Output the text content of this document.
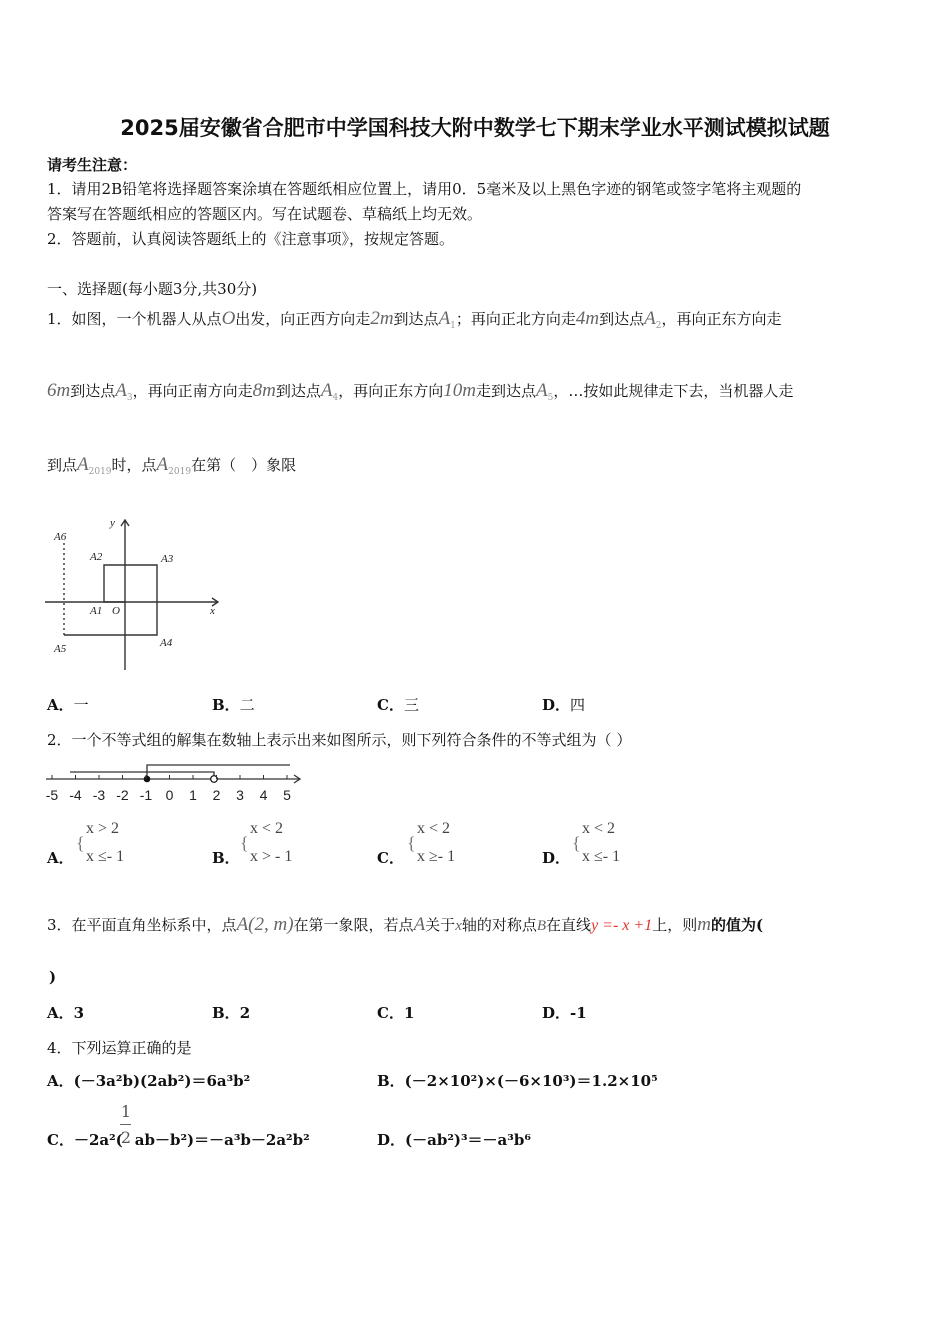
2025届安徽省合肥市中学国科技大附中数学七下期末学业水平测试模拟试题
请考生注意：
1．请用2B铅笔将选择题答案涂填在答题纸相应位置上，请用0．5毫米及以上黑色字迹的钢笔或签字笔将主观题的
答案写在答题纸相应的答题区内。写在试题卷、草稿纸上均无效。
2．答题前，认真阅读答题纸上的《注意事项》，按规定答题。
一、选择题(每小题3分,共30分)
1．如图，一个机器人从点O出发，向正西方向走2m到达点$A_1$；再向正北方向走4m到达点$A_2$，再向正东方向走
6m到达点$A_3$，再向正南方向走8m到达点$A_4$，再向正东方向10m走到达点$A_5$，…按如此规律走下去，当机器人走
到点$A_{2019}$时，点$A_{2019}$在第（　）象限
A6
A2	A3
A1 O
A5	A4
x
y
A．一	B．二	C．三	D．四
2．一个不等式组的解集在数轴上表示出来如图所示，则下列符合条件的不等式组为（ ）
-5 -4 -3 -2 -1 0 1 2 3 4 5
A．
{
x > 2
x ≤- 1	B．
{
x < 2
x > - 1	C．
{
x < 2
x ≥- 1	D．
{
x < 2
x ≤- 1
3．在平面直角坐标系中，点A(2, m)在第一象限，若点A关于x轴的对称点B在直线y =- x +1上，则m的值为(
)
A．3	B．2	C．1	D．-1
4．下列运算正确的是
A．(－3a²b)(2ab²)＝6a³b²	B．(－2×10²)×(－6×10³)＝1.2×10⁵
C．－2a²( ab－b²)＝－a³b－2a²b²
1
2	D．(－ab²)³＝－a³b⁶
